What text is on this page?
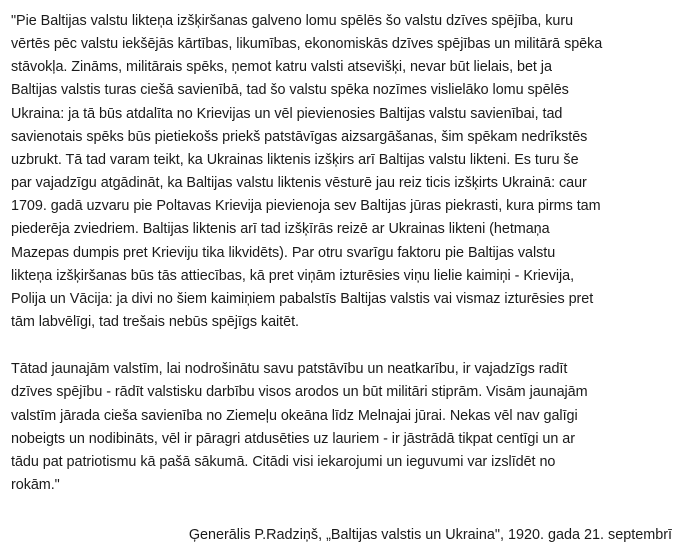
"Pie Baltijas valstu likteņa izšķiršanas galveno lomu spēlēs šo valstu dzīves spējība, kuru
vērtēs pēc valstu iekšējās kārtības, likumības, ekonomiskās dzīves spējības un militārā spēka
stāvokļa. Zināms, militārais spēks, ņemot katru valsti atsevišķi, nevar būt lielais, bet ja
Baltijas valstis turas ciešā savienībā, tad šo valstu spēka nozīmes vislielāko lomu spēlēs
Ukraina: ja tā būs atdalīta no Krievijas un vēl pievienosies Baltijas valstu savienībai, tad
savienotais spēks būs pietiekošs priekš patstāvīgas aizsargāšanas, šim spēkam nedrīkstēs
uzbrukt. Tā tad varam teikt, ka Ukrainas liktenis izšķirs arī Baltijas valstu likteni. Es turu še
par vajadzīgu atgādināt, ka Baltijas valstu liktenis vēsturē jau reiz ticis izšķirts Ukrainā: caur
1709. gadā uzvaru pie Poltavas Krievija pievienoja sev Baltijas jūras piekrasti, kura pirms tam
piederēja zviedriem. Baltijas liktenis arī tad izšķīrās reizē ar Ukrainas likteni (hetmaņa
Mazepas dumpis pret Krieviju tika likvidēts). Par otru svarīgu faktoru pie Baltijas valstu
likteņa izšķiršanas būs tās attiecības, kā pret viņām izturēsies viņu lielie kaimiņi - Krievija,
Polija un Vācija: ja divi no šiem kaimiņiem pabalstīs Baltijas valstis vai vismaz izturēsies pret
tām labvēlīgi, tad trešais nebūs spējīgs kaitēt.

Tātad jaunajām valstīm, lai nodrošinātu savu patstāvību un neatkarību, ir vajadzīgs radīt
dzīves spējību - rādīt valstisku darbību visos arodos un būt militāri stiprām. Visām jaunajām
valstīm jārada cieša savienība no Ziemeļu okeāna līdz Melnajai jūrai. Nekas vēl nav galīgi
nobeigts un nodibināts, vēl ir pāragri atdusēties uz lauriem - ir jāstrādā tikpat centīgi un ar
tādu pat patriotismu kā pašā sākumā. Citādi visi iekarojumi un ieguvumi var izslīdēt no
rokām."

Ģenerālis P.Radziņš, „Baltijas valstis un Ukraina", 1920. gada 21. septembrī
